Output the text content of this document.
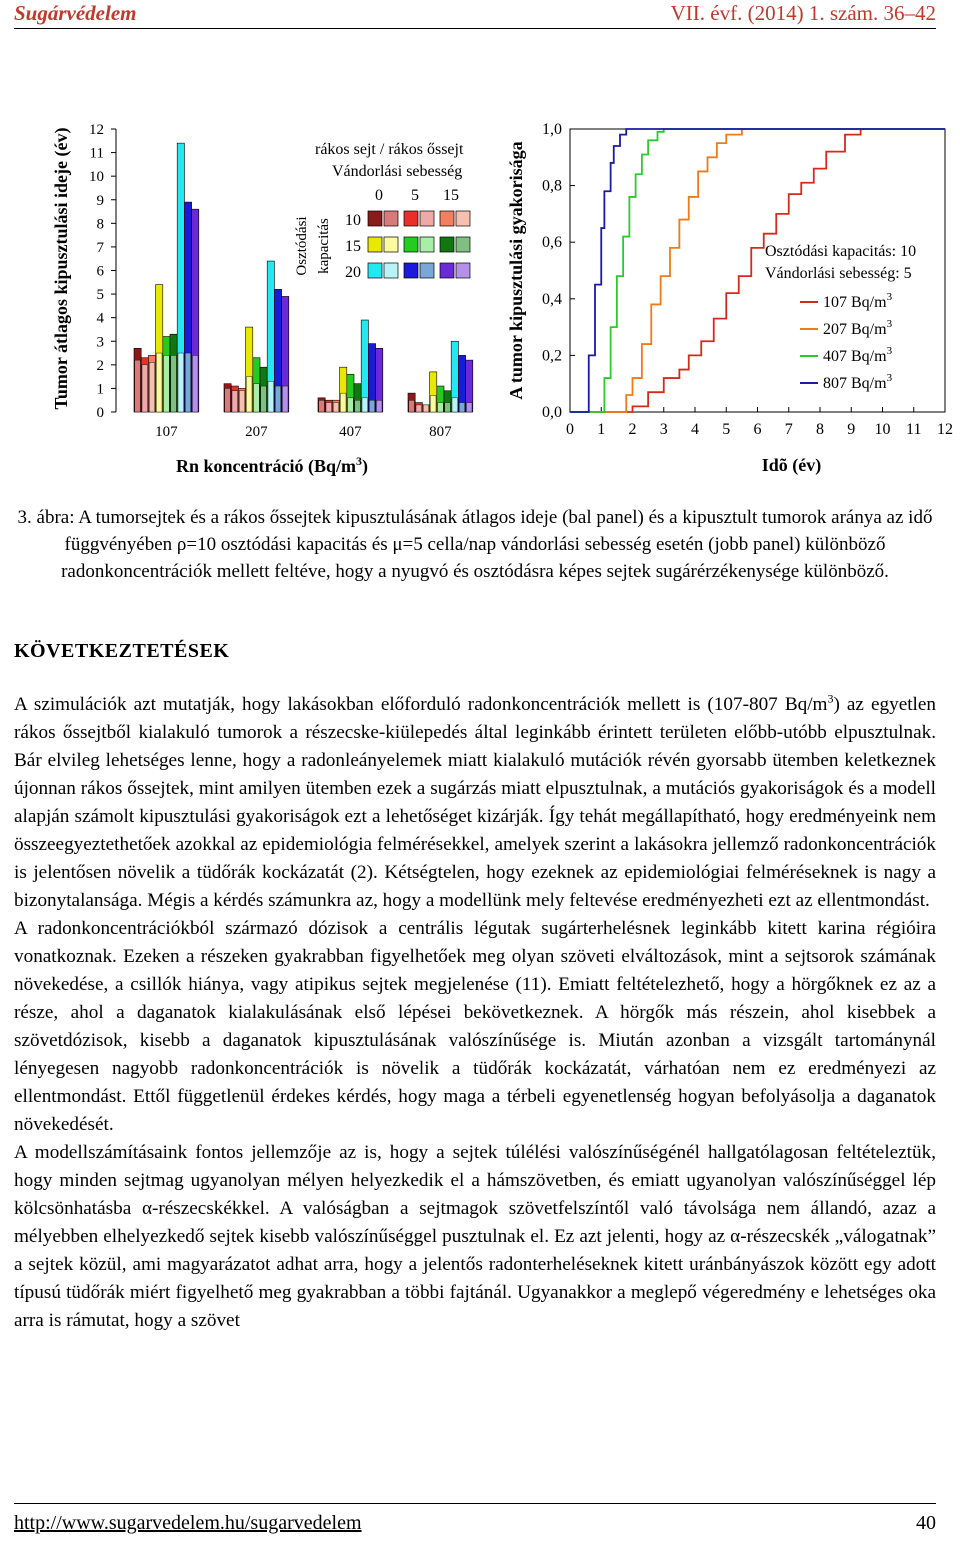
Sugárvédelem	VII. évf. (2014) 1. szám. 36–42
0
1
2
3
4
5
6
7
8
9
10
11
12
Tumor átlagos kipusztulási ideje (év)
107	207	407	807
Rn koncentráció $(Bq/m^3)$
rákos sejt / rákos őssejt
Vándorlási sebesség
0 5 15
Osztódási kapacitás 10
15
20
0 1 2 3 4 5 6 7 8 9 10 11 12
0,0
0,2
0,4
0,6
0,8
1,0
A tumor kipusztulási gyakorisága
Idõ (év)
Osztódási kapacitás: 10
Vándorlási sebesség: 5
107 $Bq/m^3$
207 $Bq/m^3$
407 $Bq/m^3$
807 $Bq/m^3$
3. ábra: A tumorsejtek és a rákos őssejtek kipusztulásának átlagos ideje (bal panel) és a kipusztult tumorok aránya az idő függvényében ρ=10 osztódási kapacitás és μ=5 cella/nap vándorlási sebesség esetén (jobb panel) különböző radonkoncentrációk mellett feltéve, hogy a nyugvó és osztódásra képes sejtek sugárérzékenysége különböző.
KÖVETKEZTETÉSEK

A szimulációk azt mutatják, hogy lakásokban előforduló radonkoncentrációk mellett is (107-807 $Bq/m^3$) az egyetlen rákos őssejtből kialakuló tumorok a részecske-kiülepedés által leginkább érintett területen előbb-utóbb elpusztulnak. Bár elvileg lehetséges lenne, hogy a radonleányelemek miatt kialakuló mutációk révén gyorsabb ütemben keletkeznek újonnan rákos őssejtek, mint amilyen ütemben ezek a sugárzás miatt elpusztulnak, a mutációs gyakoriságok és a modell alapján számolt kipusztulási gyakoriságok ezt a lehetőséget kizárják. Így tehát megállapítható, hogy eredményeink nem összeegyeztethetőek azokkal az epidemiológia felmérésekkel, amelyek szerint a lakásokra jellemző radonkoncentrációk is jelentősen növelik a tüdőrák kockázatát (2). Kétségtelen, hogy ezeknek az epidemiológiai felméréseknek is nagy a bizonytalansága. Mégis a kérdés számunkra az, hogy a modellünk mely feltevése eredményezheti ezt az ellentmondást.

A radonkoncentrációkból származó dózisok a centrális légutak sugárterhelésnek leginkább kitett karina régióira vonatkoznak. Ezeken a részeken gyakrabban figyelhetőek meg olyan szöveti elváltozások, mint a sejtsorok számának növekedése, a csillók hiánya, vagy atipikus sejtek megjelenése (11). Emiatt feltételezhető, hogy a hörgőknek ez az a része, ahol a daganatok kialakulásának első lépései bekövetkeznek. A hörgők más részein, ahol kisebbek a szövetdózisok, kisebb a daganatok kipusztulásának valószínűsége is. Miután azonban a vizsgált tartománynál lényegesen nagyobb radonkoncentrációk is növelik a tüdőrák kockázatát, várhatóan nem ez eredményezi az ellentmondást. Ettől függetlenül érdekes kérdés, hogy maga a térbeli egyenetlenség hogyan befolyásolja a daganatok növekedését.

A modellszámításaink fontos jellemzője az is, hogy a sejtek túlélési valószínűségénél hallgatólagosan feltételeztük, hogy minden sejtmag ugyanolyan mélyen helyezkedik el a hámszövetben, és emiatt ugyanolyan valószínűséggel lép kölcsönhatásba α-részecskékkel. A valóságban a sejtmagok szövetfelszíntől való távolsága nem állandó, azaz a mélyebben elhelyezkedő sejtek kisebb valószínűséggel pusztulnak el. Ez azt jelenti, hogy az α-részecskék „válogatnak” a sejtek közül, ami magyarázatot adhat arra, hogy a jelentős radonterheléseknek kitett uránbányászok között egy adott típusú tüdőrák miért figyelhető meg gyakrabban a többi fajtánál. Ugyanakkor a meglepő végeredmény e lehetséges oka arra is rámutat, hogy a szövet

http://www.sugarvedelem.hu/sugarvedelem	40
